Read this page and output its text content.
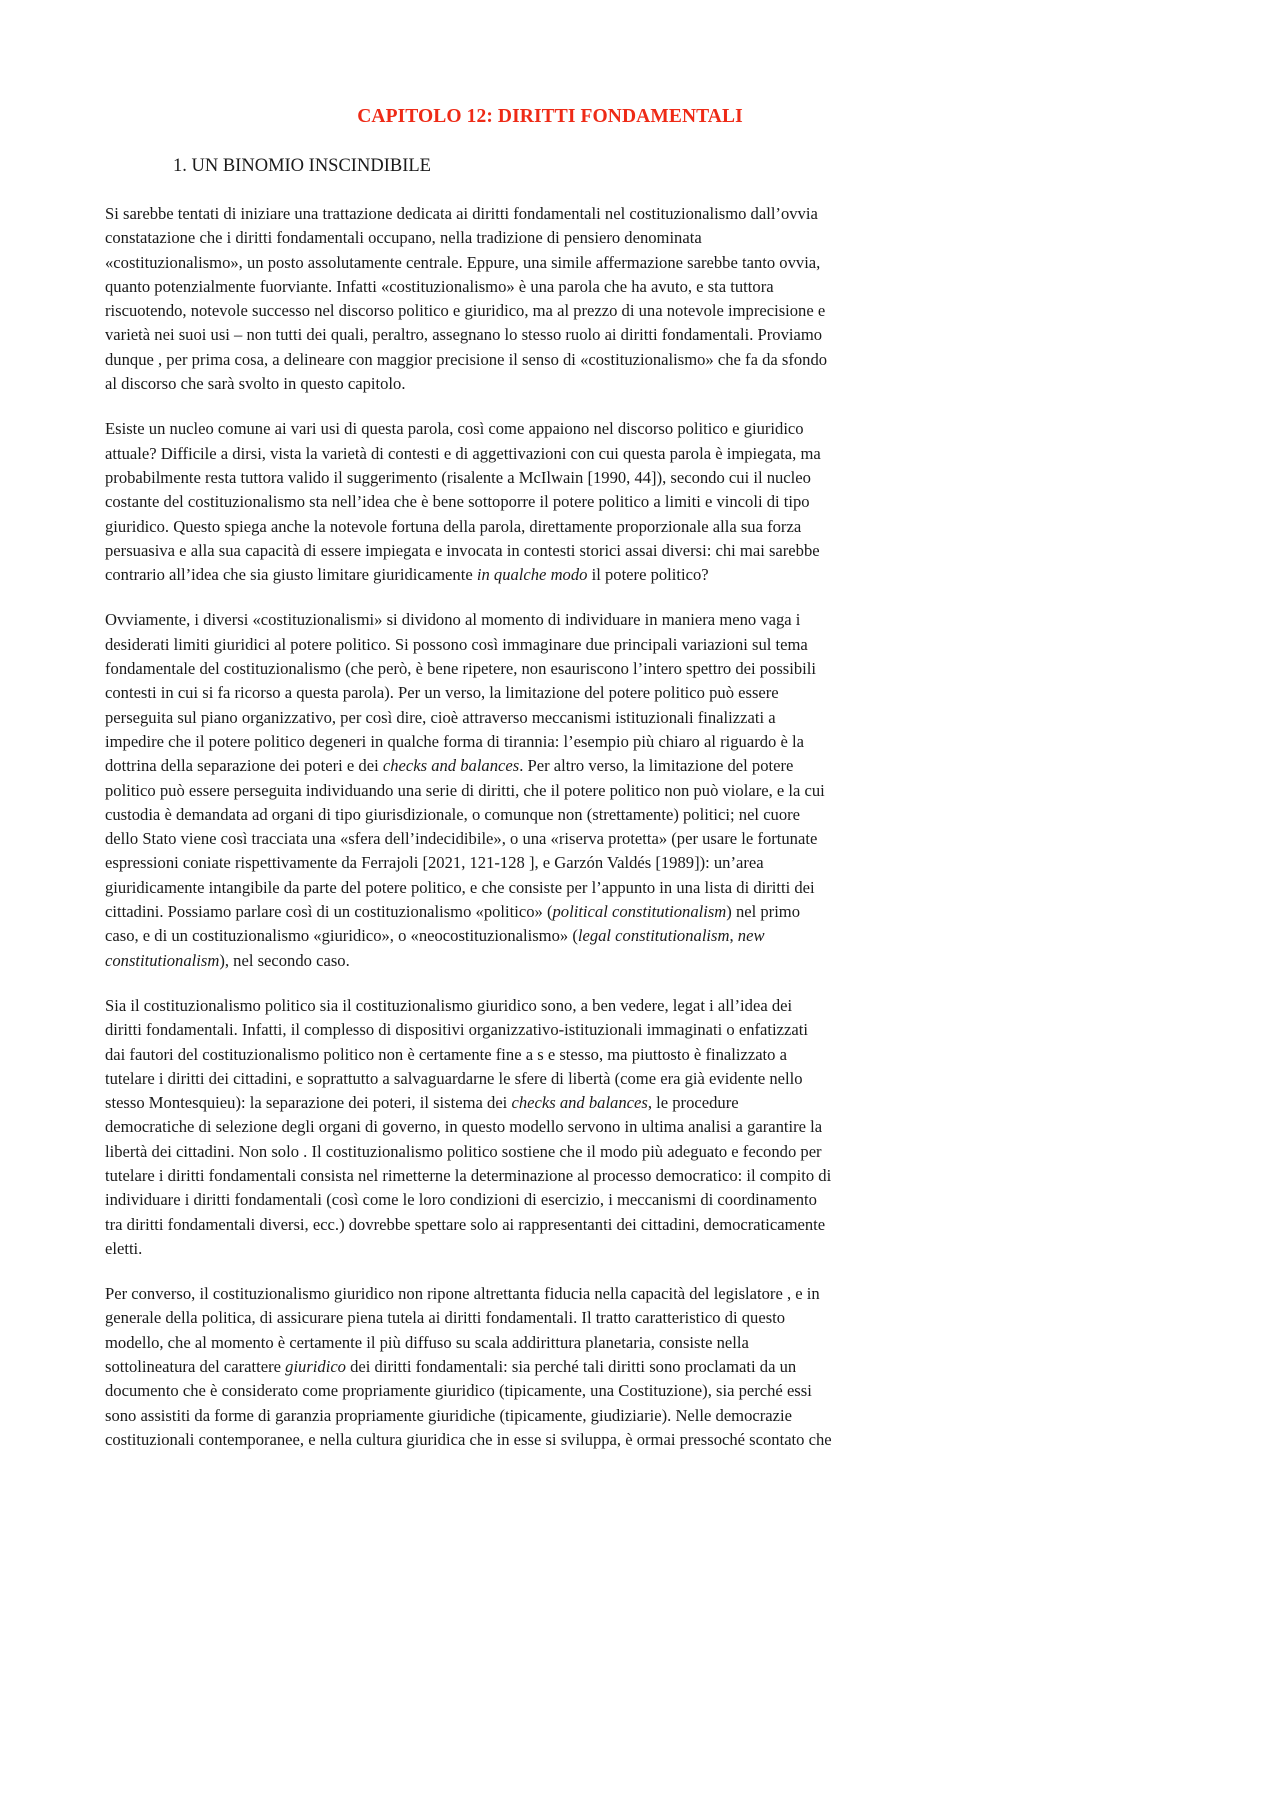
CAPITOLO 12: DIRITTI FONDAMENTALI
1. UN BINOMIO INSCINDIBILE

Si sarebbe tentati di iniziare una trattazione dedicata ai diritti fondamentali nel costituzionalismo dall’ovvia
constatazione che i diritti fondamentali occupano, nella tradizione di pensiero denominata
«costituzionalismo», un posto assolutamente centrale. Eppure, una simile affermazione sarebbe tanto ovvia,
quanto potenzialmente fuorviante. Infatti «costituzionalismo» è una parola che ha avuto, e sta tuttora
riscuotendo, notevole successo nel discorso politico e giuridico, ma al prezzo di una notevole imprecisione e
varietà nei suoi usi – non tutti dei quali, peraltro, assegnano lo stesso ruolo ai diritti fondamentali. Proviamo
dunque , per prima cosa, a delineare con maggior precisione il senso di «costituzionalismo» che fa da sfondo
al discorso che sarà svolto in questo capitolo.

Esiste un nucleo comune ai vari usi di questa parola, così come appaiono nel discorso politico e giuridico
attuale? Difficile a dirsi, vista la varietà di contesti e di aggettivazioni con cui questa parola è impiegata, ma
probabilmente resta tuttora valido il suggerimento (risalente a McIlwain [1990, 44]), secondo cui il nucleo
costante del costituzionalismo sta nell’idea che è bene sottoporre il potere politico a limiti e vincoli di tipo
giuridico. Questo spiega anche la notevole fortuna della parola, direttamente proporzionale alla sua forza
persuasiva e alla sua capacità di essere impiegata e invocata in contesti storici assai diversi: chi mai sarebbe
contrario all’idea che sia giusto limitare giuridicamente in qualche modo il potere politico?

Ovviamente, i diversi «costituzionalismi» si dividono al momento di individuare in maniera meno vaga i
desiderati limiti giuridici al potere politico. Si possono così immaginare due principali variazioni sul tema
fondamentale del costituzionalismo (che però, è bene ripetere, non esauriscono l’intero spettro dei possibili
contesti in cui si fa ricorso a questa parola). Per un verso, la limitazione del potere politico può essere
perseguita sul piano organizzativo, per così dire, cioè attraverso meccanismi istituzionali finalizzati a
impedire che il potere politico degeneri in qualche forma di tirannia: l’esempio più chiaro al riguardo è la
dottrina della separazione dei poteri e dei checks and balances. Per altro verso, la limitazione del potere
politico può essere perseguita individuando una serie di diritti, che il potere politico non può violare, e la cui
custodia è demandata ad organi di tipo giurisdizionale, o comunque non (strettamente) politici; nel cuore
dello Stato viene così tracciata una «sfera dell’indecidibile», o una «riserva protetta» (per usare le fortunate
espressioni coniate rispettivamente da Ferrajoli [2021, 121-128 ], e Garzón Valdés [1989]): un’area
giuridicamente intangibile da parte del potere politico, e che consiste per l’appunto in una lista di diritti dei
cittadini. Possiamo parlare così di un costituzionalismo «politico» (political constitutionalism) nel primo
caso, e di un costituzionalismo «giuridico», o «neocostituzionalismo» (legal constitutionalism, new
constitutionalism), nel secondo caso.

Sia il costituzionalismo politico sia il costituzionalismo giuridico sono, a ben vedere, legat i all’idea dei
diritti fondamentali. Infatti, il complesso di dispositivi organizzativo-istituzionali immaginati o enfatizzati
dai fautori del costituzionalismo politico non è certamente fine a s e stesso, ma piuttosto è finalizzato a
tutelare i diritti dei cittadini, e soprattutto a salvaguardarne le sfere di libertà (come era già evidente nello
stesso Montesquieu): la separazione dei poteri, il sistema dei checks and balances, le procedure
democratiche di selezione degli organi di governo, in questo modello servono in ultima analisi a garantire la
libertà dei cittadini. Non solo . Il costituzionalismo politico sostiene che il modo più adeguato e fecondo per
tutelare i diritti fondamentali consista nel rimetterne la determinazione al processo democratico: il compito di
individuare i diritti fondamentali (così come le loro condizioni di esercizio, i meccanismi di coordinamento
tra diritti fondamentali diversi, ecc.) dovrebbe spettare solo ai rappresentanti dei cittadini, democraticamente
eletti.

Per converso, il costituzionalismo giuridico non ripone altrettanta fiducia nella capacità del legislatore , e in
generale della politica, di assicurare piena tutela ai diritti fondamentali. Il tratto caratteristico di questo
modello, che al momento è certamente il più diffuso su scala addirittura planetaria, consiste nella
sottolineatura del carattere giuridico dei diritti fondamentali: sia perché tali diritti sono proclamati da un
documento che è considerato come propriamente giuridico (tipicamente, una Costituzione), sia perché essi
sono assistiti da forme di garanzia propriamente giuridiche (tipicamente, giudiziarie). Nelle democrazie
costituzionali contemporanee, e nella cultura giuridica che in esse si sviluppa, è ormai pressoché scontato che
